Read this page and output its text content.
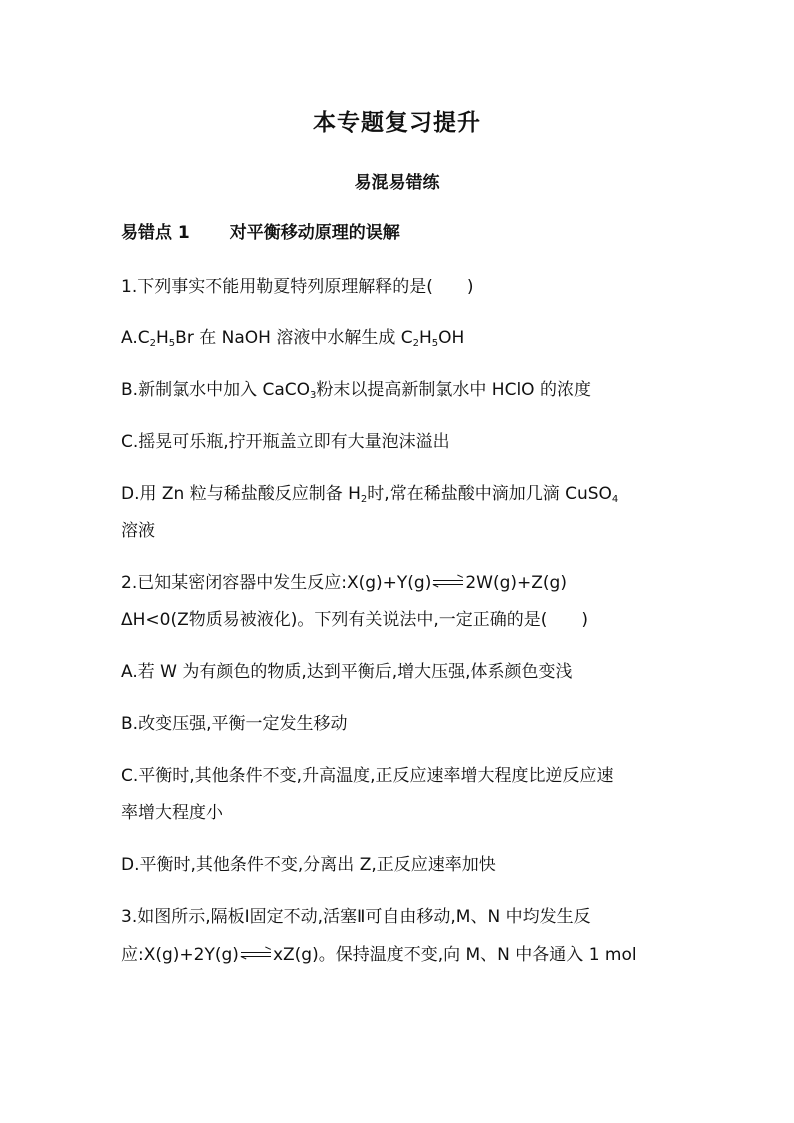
本专题复习提升
易混易错练
易错点 1 对平衡移动原理的误解
1.下列事实不能用勒夏特列原理解释的是(　　)
$A.C_2H_5Br$ 在 NaOH 溶液中水解生成 $C_2H_5OH$
B.新制氯水中加入 CaCO$_3$粉末以提高新制氯水中 HClO 的浓度
C.摇晃可乐瓶,拧开瓶盖立即有大量泡沫溢出
D.用 Zn 粒与稀盐酸反应制备 $H_2$时,常在稀盐酸中滴加几滴 CuSO$_4$
溶液
2.已知某密闭容器中发生反应:X(g)+Y(g) 2W(g)+Z(g)
ΔH<0(Z物质易被液化)。下列有关说法中,一定正确的是(　　)
A.若 W 为有颜色的物质,达到平衡后,增大压强,体系颜色变浅
B.改变压强,平衡一定发生移动
C.平衡时,其他条件不变,升高温度,正反应速率增大程度比逆反应速
率增大程度小
D.平衡时,其他条件不变,分离出 Z,正反应速率加快
3.如图所示,隔板Ⅰ固定不动,活塞Ⅱ可自由移动,M、N 中均发生反
应:X(g)+2Y(g) xZ(g)。保持温度不变,向 M、N 中各通入 1 mol
